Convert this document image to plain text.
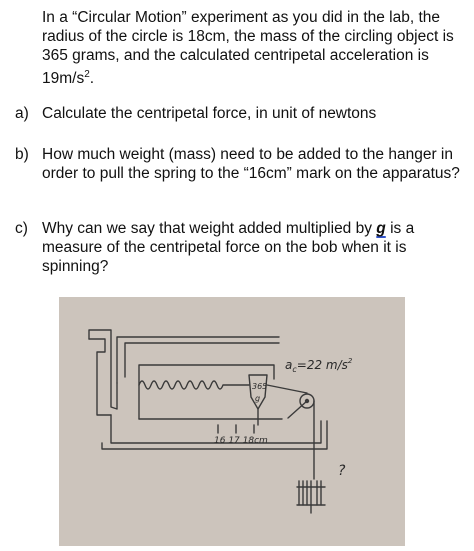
In a “Circular Motion” experiment as you did in the lab, the radius of the circle is 18cm, the mass of the circling object is 365 grams, and the calculated centripetal acceleration is $19m/s^2$.
a) Calculate the centripetal force, in unit of newtons
b) How much weight (mass) need to be added to the hanger in order to pull the spring to the “16cm” mark on the apparatus?
c) Why can we say that weight added multiplied by g is a measure of the centripetal force on the bob when it is spinning?
$a_c=22$ $m/s^2$
365
g
16 17 18cm
?
